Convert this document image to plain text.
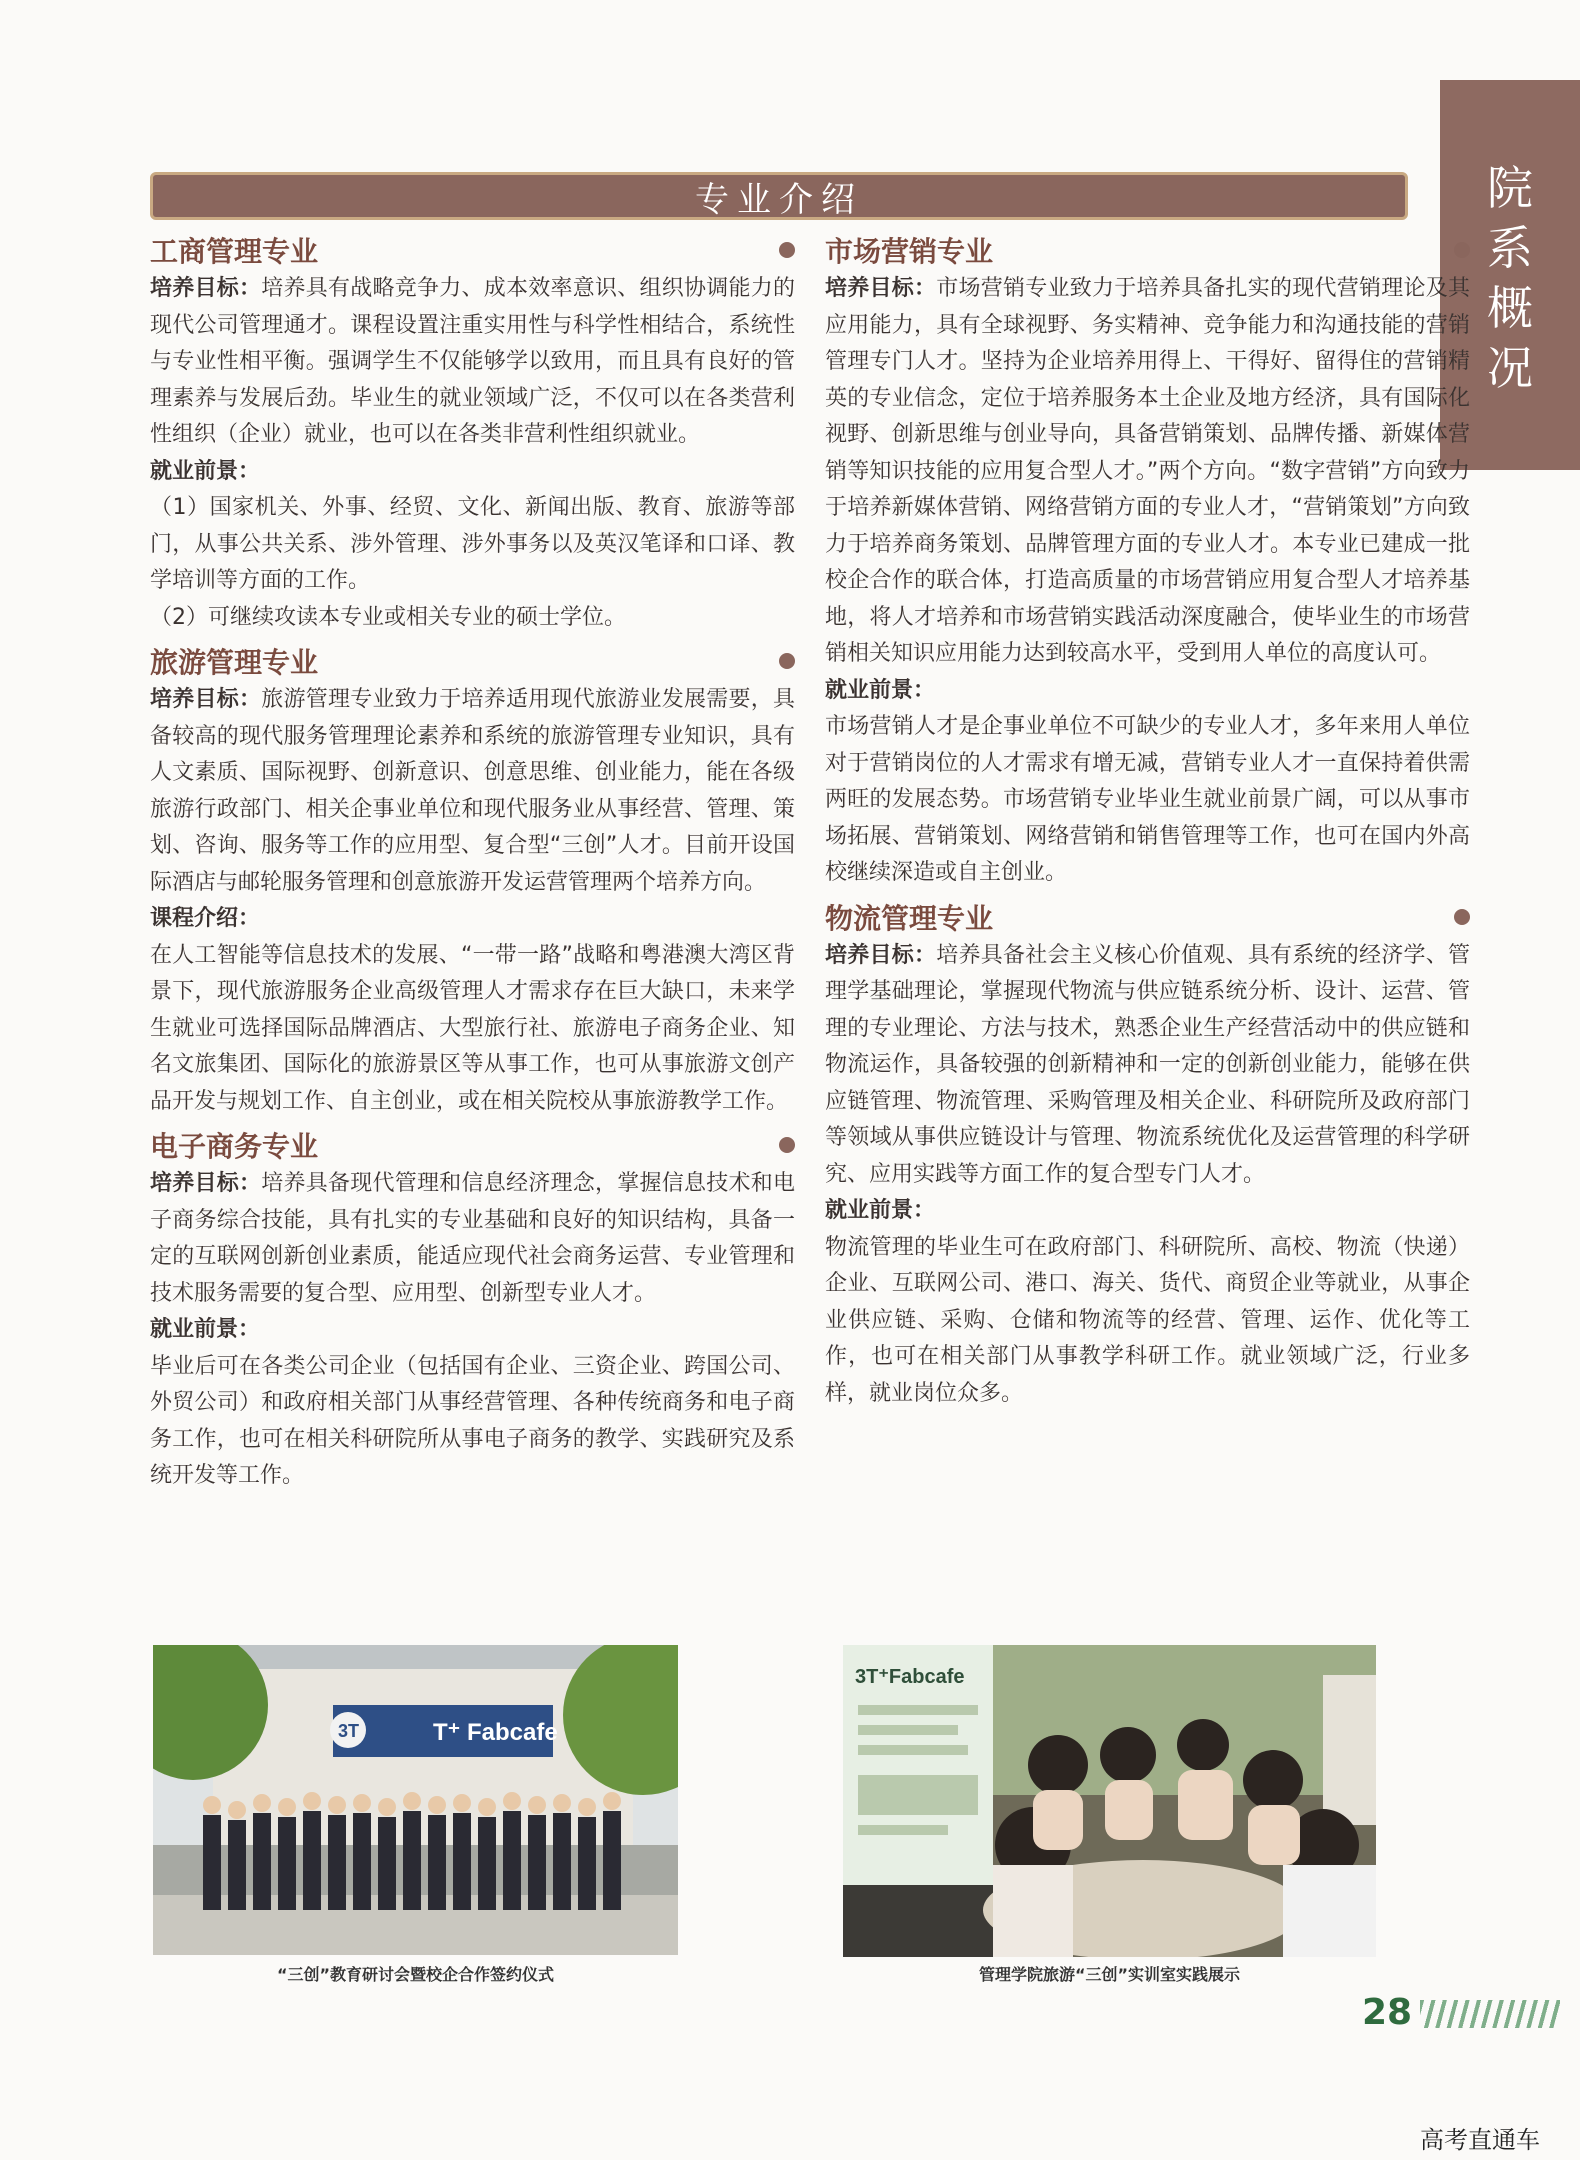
院
系
概
况
专业介绍
工商管理专业

培养目标：培养具有战略竞争力、成本效率意识、组织协调能力的现代公司管理通才。课程设置注重实用性与科学性相结合，系统性与专业性相平衡。强调学生不仅能够学以致用，而且具有良好的管理素养与发展后劲。毕业生的就业领域广泛，不仅可以在各类营利性组织（企业）就业，也可以在各类非营利性组织就业。

就业前景：

（1）国家机关、外事、经贸、文化、新闻出版、教育、旅游等部门，从事公共关系、涉外管理、涉外事务以及英汉笔译和口译、教学培训等方面的工作。

（2）可继续攻读本专业或相关专业的硕士学位。

旅游管理专业

培养目标：旅游管理专业致力于培养适用现代旅游业发展需要，具备较高的现代服务管理理论素养和系统的旅游管理专业知识，具有人文素质、国际视野、创新意识、创意思维、创业能力，能在各级旅游行政部门、相关企事业单位和现代服务业从事经营、管理、策划、咨询、服务等工作的应用型、复合型“三创”人才。目前开设国际酒店与邮轮服务管理和创意旅游开发运营管理两个培养方向。

课程介绍：

在人工智能等信息技术的发展、“一带一路”战略和粤港澳大湾区背景下，现代旅游服务企业高级管理人才需求存在巨大缺口，未来学生就业可选择国际品牌酒店、大型旅行社、旅游电子商务企业、知名文旅集团、国际化的旅游景区等从事工作，也可从事旅游文创产品开发与规划工作、自主创业，或在相关院校从事旅游教学工作。

电子商务专业

培养目标：培养具备现代管理和信息经济理念，掌握信息技术和电子商务综合技能，具有扎实的专业基础和良好的知识结构，具备一定的互联网创新创业素质，能适应现代社会商务运营、专业管理和技术服务需要的复合型、应用型、创新型专业人才。

就业前景：

毕业后可在各类公司企业（包括国有企业、三资企业、跨国公司、外贸公司）和政府相关部门从事经营管理、各种传统商务和电子商务工作，也可在相关科研院所从事电子商务的教学、实践研究及系统开发等工作。

市场营销专业

培养目标：市场营销专业致力于培养具备扎实的现代营销理论及其应用能力，具有全球视野、务实精神、竞争能力和沟通技能的营销管理专门人才。坚持为企业培养用得上、干得好、留得住的营销精英的专业信念，定位于培养服务本土企业及地方经济，具有国际化视野、创新思维与创业导向，具备营销策划、品牌传播、新媒体营销等知识技能的应用复合型人才。”两个方向。“数字营销”方向致力于培养新媒体营销、网络营销方面的专业人才，“营销策划”方向致力于培养商务策划、品牌管理方面的专业人才。本专业已建成一批校企合作的联合体，打造高质量的市场营销应用复合型人才培养基地，将人才培养和市场营销实践活动深度融合，使毕业生的市场营销相关知识应用能力达到较高水平，受到用人单位的高度认可。

就业前景：

市场营销人才是企事业单位不可缺少的专业人才，多年来用人单位对于营销岗位的人才需求有增无减，营销专业人才一直保持着供需两旺的发展态势。市场营销专业毕业生就业前景广阔，可以从事市场拓展、营销策划、网络营销和销售管理等工作，也可在国内外高校继续深造或自主创业。

物流管理专业

培养目标：培养具备社会主义核心价值观、具有系统的经济学、管理学基础理论，掌握现代物流与供应链系统分析、设计、运营、管理的专业理论、方法与技术，熟悉企业生产经营活动中的供应链和物流运作，具备较强的创新精神和一定的创新创业能力，能够在供应链管理、物流管理、采购管理及相关企业、科研院所及政府部门等领域从事供应链设计与管理、物流系统优化及运营管理的科学研究、应用实践等方面工作的复合型专门人才。

就业前景：

物流管理的毕业生可在政府部门、科研院所、高校、物流（快递）企业、互联网公司、港口、海关、货代、商贸企业等就业，从事企业供应链、采购、仓储和物流等的经营、管理、运作、优化等工作，也可在相关部门从事教学科研工作。就业领域广泛，行业多样，就业岗位众多。

T⁺ Fabcafe
3T
“三创”教育研讨会暨校企合作签约仪式
3T⁺Fabcafe
管理学院旅游“三创”实训室实践展示
28
高考直通车
